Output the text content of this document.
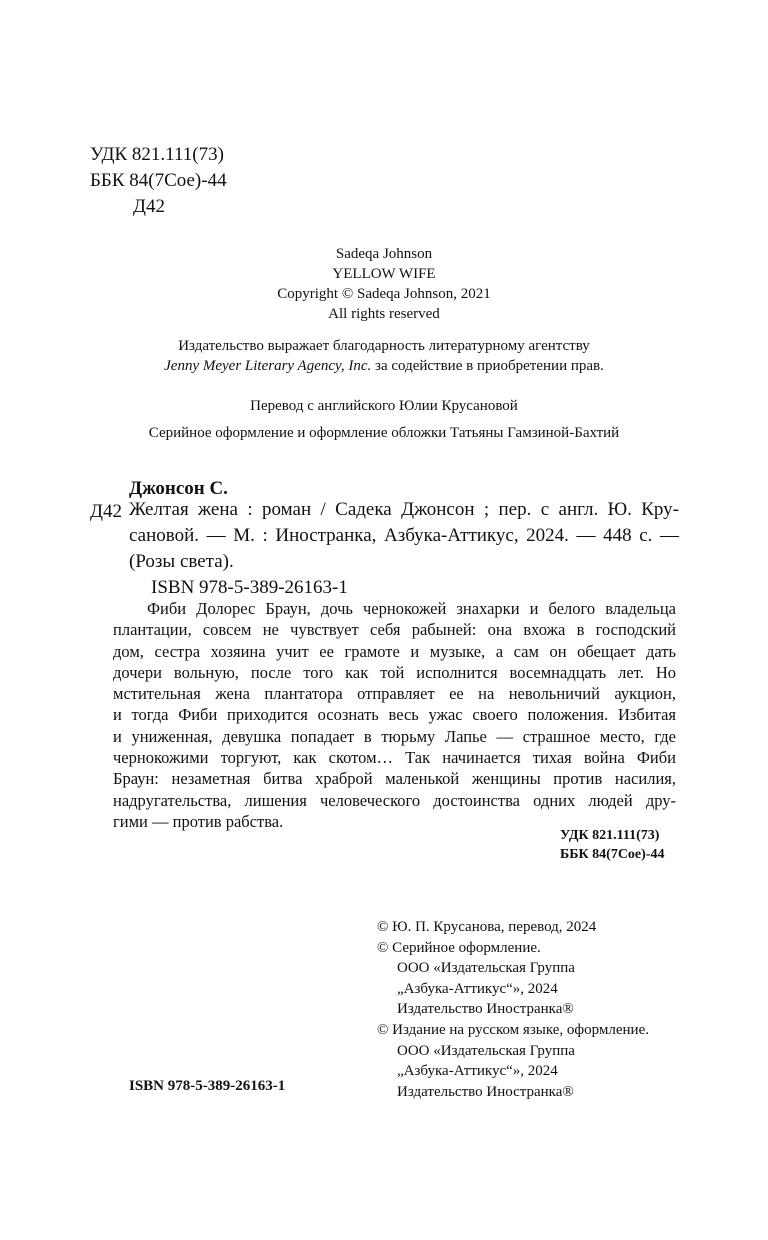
УДК 821.111(73)
ББК 84(7Сое)-44
Д42
Sadeqa Johnson
YELLOW WIFE
Copyright © Sadeqa Johnson, 2021
All rights reserved
Издательство выражает благодарность литературному агентству
Jenny Meyer Literary Agency, Inc. за содействие в приобретении прав.
Перевод с английского Юлии Крусановой
Серийное оформление и оформление обложки Татьяны Гамзиной-Бахтий
Джонсон С.
Д42 Желтая жена : роман / Садека Джонсон ; пер. с англ. Ю. Кру-
сановой. — М. : Иностранка, Азбука-Аттикус, 2024. — 448 с. —
(Розы света).
ISBN 978-5-389-26163-1
Фиби Долорес Браун, дочь чернокожей знахарки и белого владельца
плантации, совсем не чувствует себя рабыней: она вхожа в господский
дом, сестра хозяина учит ее грамоте и музыке, а сам он обещает дать
дочери вольную, после того как той исполнится восемнадцать лет. Но
мстительная жена плантатора отправляет ее на невольничий аукцион,
и тогда Фиби приходится осознать весь ужас своего положения. Избитая
и униженная, девушка попадает в тюрьму Лапье — страшное место, где
чернокожими торгуют, как скотом… Так начинается тихая война Фиби
Браун: незаметная битва храброй маленькой женщины против насилия,
надругательства, лишения человеческого достоинства одних людей дру-
гими — против рабства.
УДК 821.111(73)
ББК 84(7Сое)-44
© Ю. П. Крусанова, перевод, 2024
© Серийное оформление.
ООО «Издательская Группа
„Азбука-Аттикус“», 2024
Издательство Иностранка®
© Издание на русском языке, оформление.
ООО «Издательская Группа
„Азбука-Аттикус“», 2024
Издательство Иностранка®
ISBN 978-5-389-26163-1
